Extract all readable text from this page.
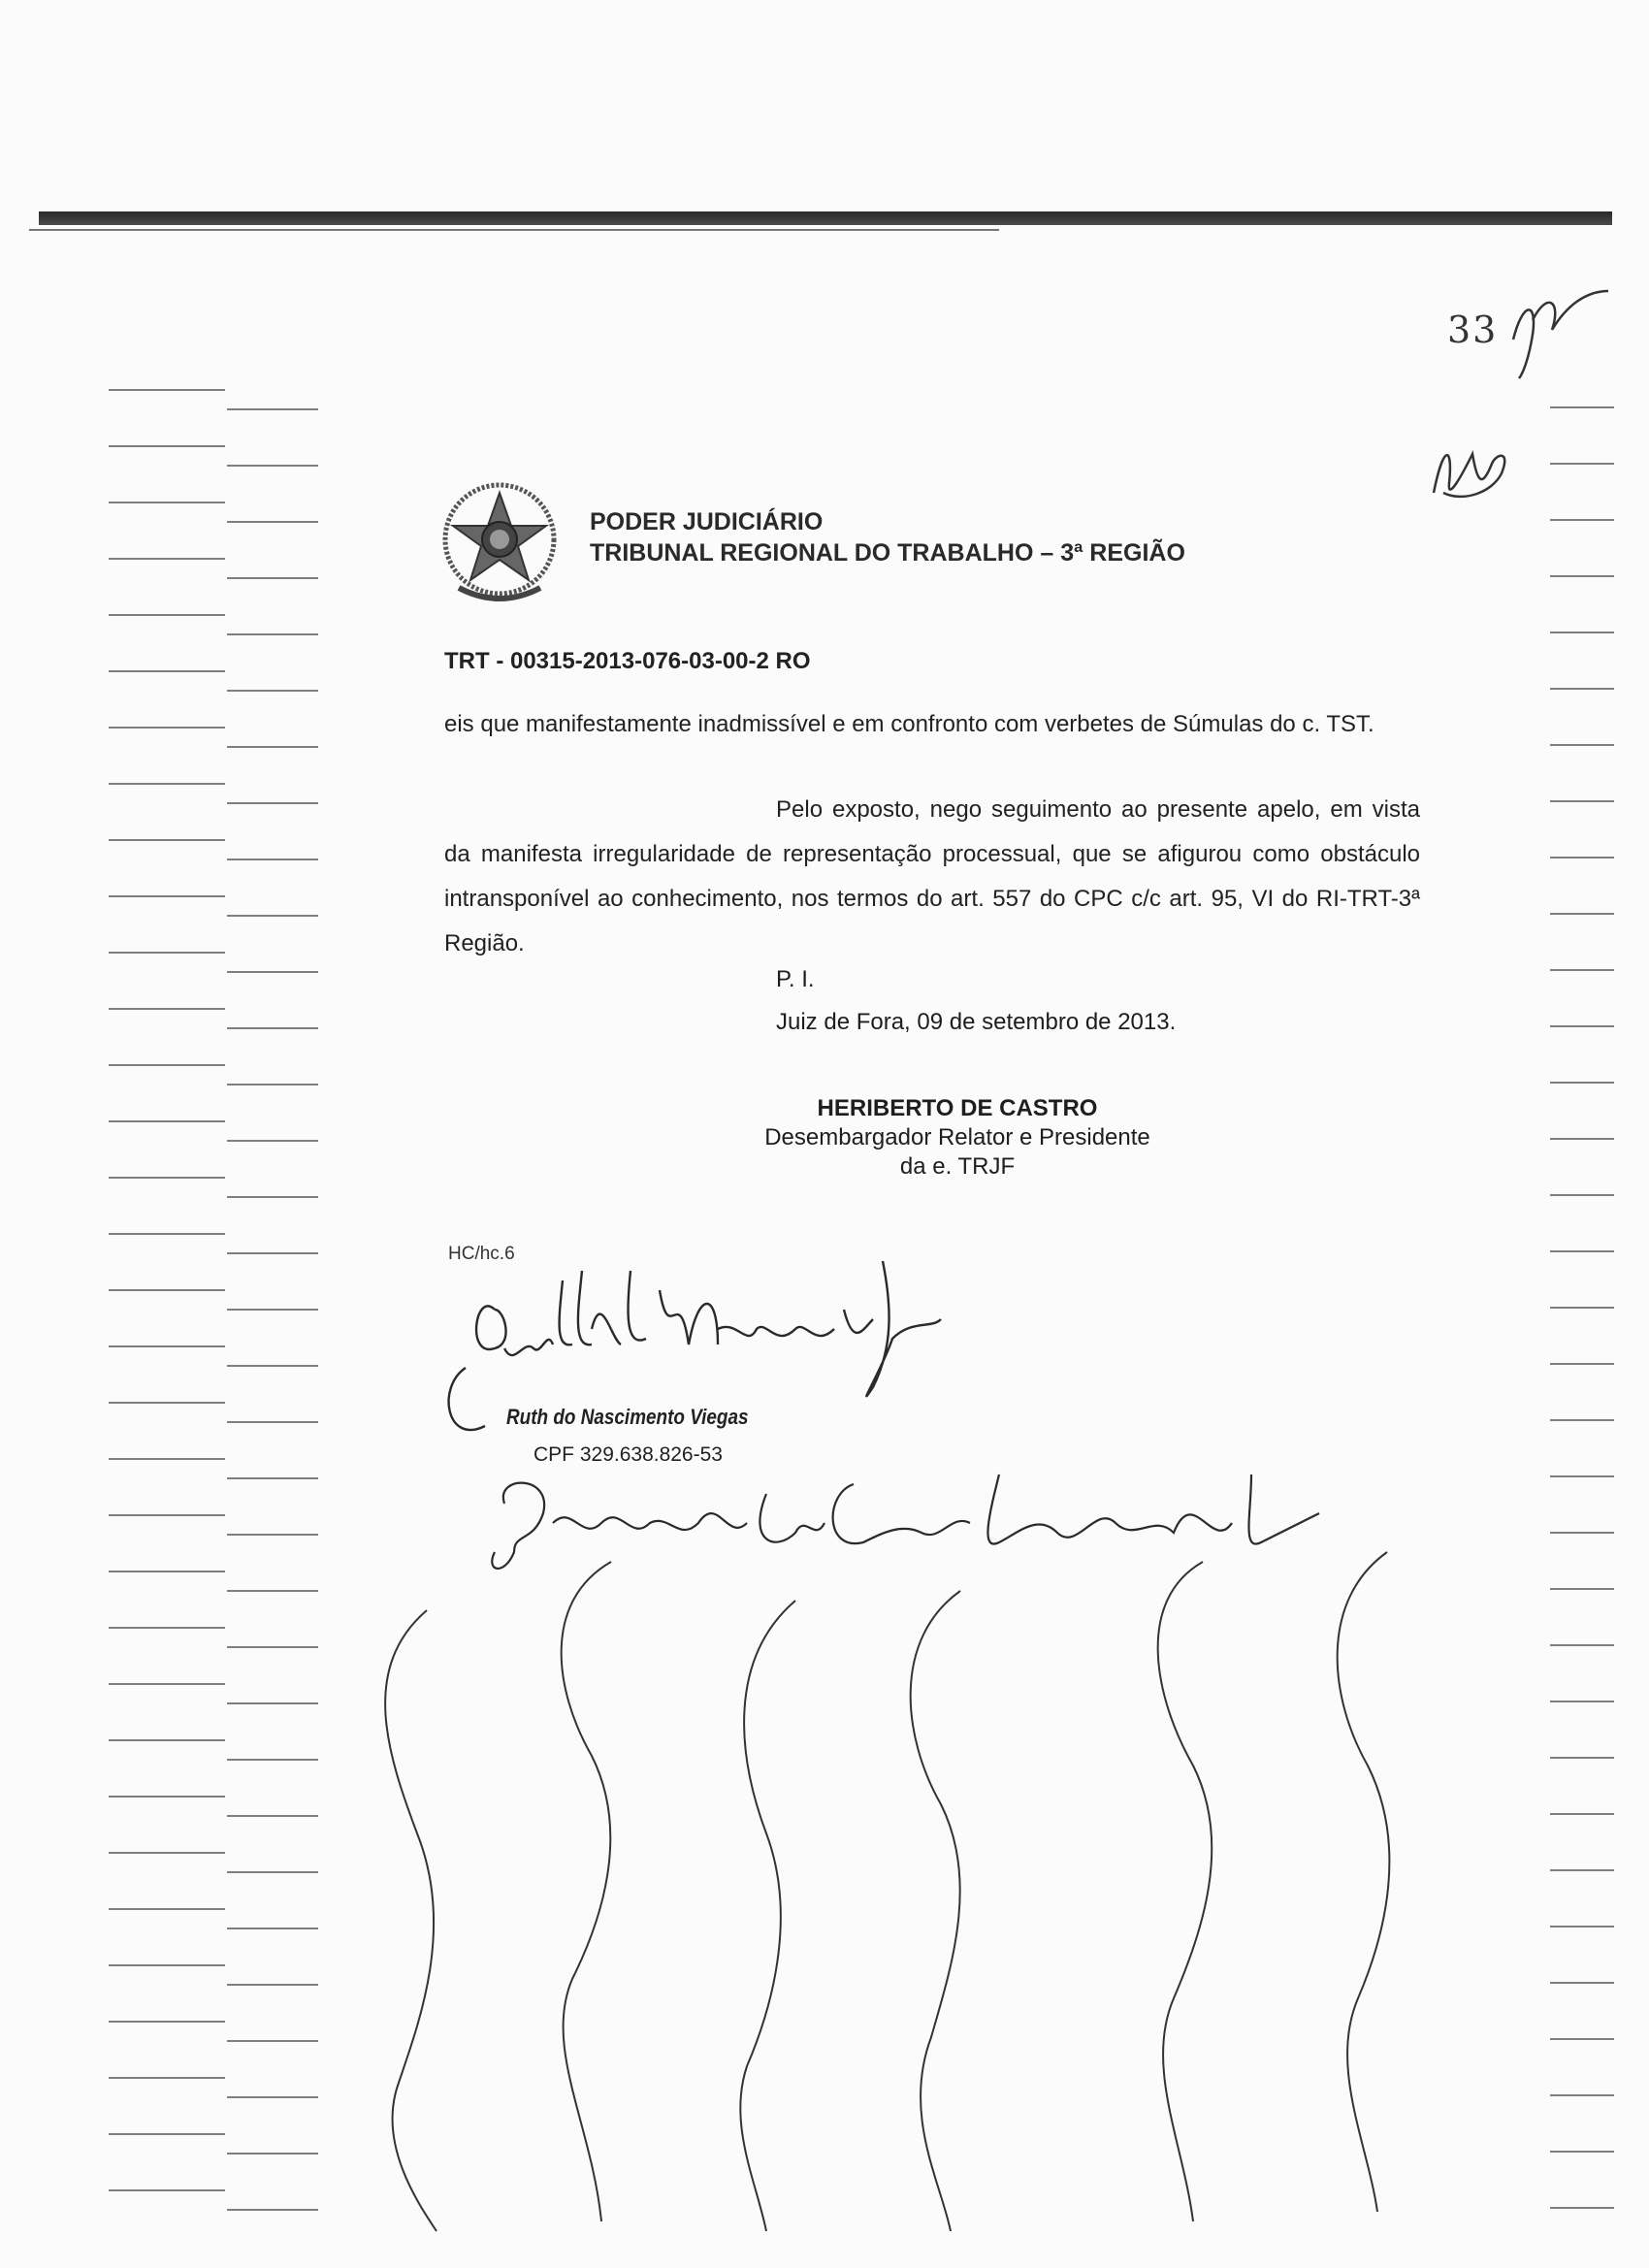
33
PODER JUDICIÁRIO
TRIBUNAL REGIONAL DO TRABALHO – 3ª REGIÃO
TRT - 00315-2013-076-03-00-2 RO
eis que manifestamente inadmissível e em confronto com verbetes de Súmulas do c. TST.
Pelo exposto, nego seguimento ao presente apelo, em vista da manifesta irregularidade de representação processual, que se afigurou como obstáculo intransponível ao conhecimento, nos termos do art. 557 do CPC c/c art. 95, VI do RI-TRT-3ª Região.
P. I.
Juiz de Fora, 09 de setembro de 2013.
HERIBERTO DE CASTRO
Desembargador Relator e Presidente
da e. TRJF
HC/hc.6
Ruth do Nascimento Viegas
CPF 329.638.826-53
